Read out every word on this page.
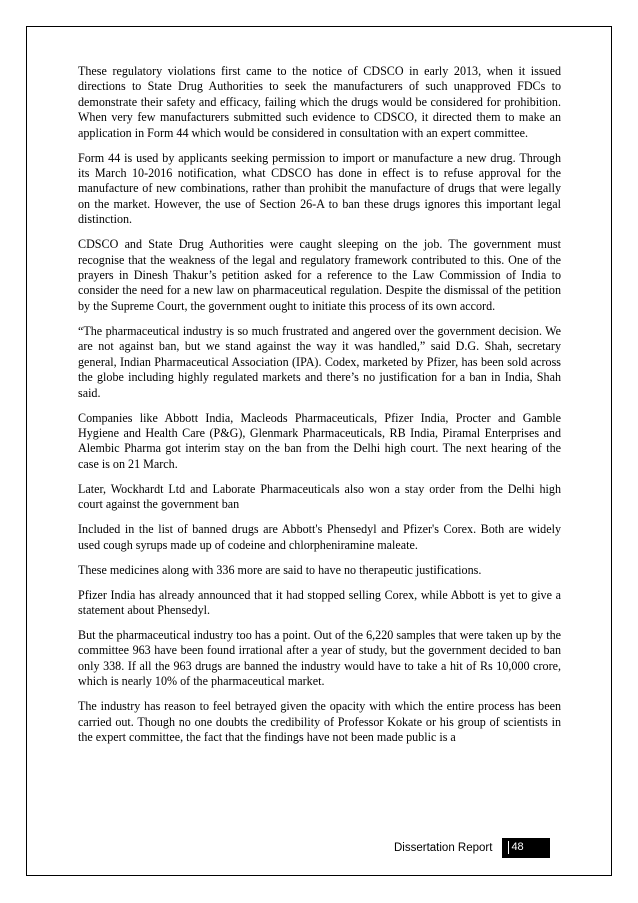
These regulatory violations first came to the notice of CDSCO in early 2013, when it issued directions to State Drug Authorities to seek the manufacturers of such unapproved FDCs to demonstrate their safety and efficacy, failing which the drugs would be considered for prohibition. When very few manufacturers submitted such evidence to CDSCO, it directed them to make an application in Form 44 which would be considered in consultation with an expert committee.

Form 44 is used by applicants seeking permission to import or manufacture a new drug. Through its March 10-2016 notification, what CDSCO has done in effect is to refuse approval for the manufacture of new combinations, rather than prohibit the manufacture of drugs that were legally on the market. However, the use of Section 26-A to ban these drugs ignores this important legal distinction.

CDSCO and State Drug Authorities were caught sleeping on the job. The government must recognise that the weakness of the legal and regulatory framework contributed to this. One of the prayers in Dinesh Thakur’s petition asked for a reference to the Law Commission of India to consider the need for a new law on pharmaceutical regulation. Despite the dismissal of the petition by the Supreme Court, the government ought to initiate this process of its own accord.

“The pharmaceutical industry is so much frustrated and angered over the government decision. We are not against ban, but we stand against the way it was handled,” said D.G. Shah, secretary general, Indian Pharmaceutical Association (IPA). Codex, marketed by Pfizer, has been sold across the globe including highly regulated markets and there’s no justification for a ban in India, Shah said.

Companies like Abbott India, Macleods Pharmaceuticals, Pfizer India, Procter and Gamble Hygiene and Health Care (P&G), Glenmark Pharmaceuticals, RB India, Piramal Enterprises and Alembic Pharma got interim stay on the ban from the Delhi high court. The next hearing of the case is on 21 March.

Later, Wockhardt Ltd and Laborate Pharmaceuticals also won a stay order from the Delhi high court against the government ban

Included in the list of banned drugs are Abbott's Phensedyl and Pfizer's Corex. Both are widely used cough syrups made up of codeine and chlorpheniramine maleate.

These medicines along with 336 more are said to have no therapeutic justifications.

Pfizer India has already announced that it had stopped selling Corex, while Abbott is yet to give a statement about Phensedyl.

But the pharmaceutical industry too has a point. Out of the 6,220 samples that were taken up by the committee 963 have been found irrational after a year of study, but the government decided to ban only 338. If all the 963 drugs are banned the industry would have to take a hit of Rs 10,000 crore, which is nearly 10% of the pharmaceutical market.

The industry has reason to feel betrayed given the opacity with which the entire process has been carried out. Though no one doubts the credibility of Professor Kokate or his group of scientists in the expert committee, the fact that the findings have not been made public is a

Dissertation Report 48
